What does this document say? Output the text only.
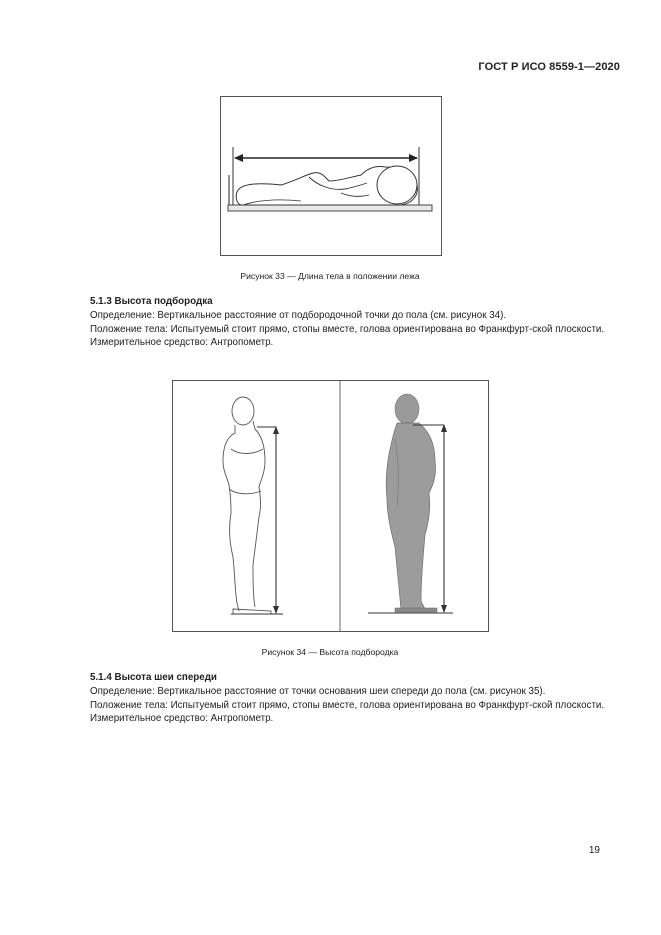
ГОСТ Р ИСО 8559-1—2020
Рисунок 33 — Длина тела в положении лежа
5.1.3 Высота подбородка
Определение: Вертикальное расстояние от подбородочной точки до пола (см. рисунок 34).
Положение тела: Испытуемый стоит прямо, стопы вместе, голова ориентирована во Франкфурт-ской плоскости.
Измерительное средство: Антропометр.
Рисунок 34 — Высота подбородка
5.1.4 Высота шеи спереди
Определение: Вертикальное расстояние от точки основания шеи спереди до пола (см. рисунок 35).
Положение тела: Испытуемый стоит прямо, стопы вместе, голова ориентирована во Франкфурт-ской плоскости.
Измерительное средство: Антропометр.
19
